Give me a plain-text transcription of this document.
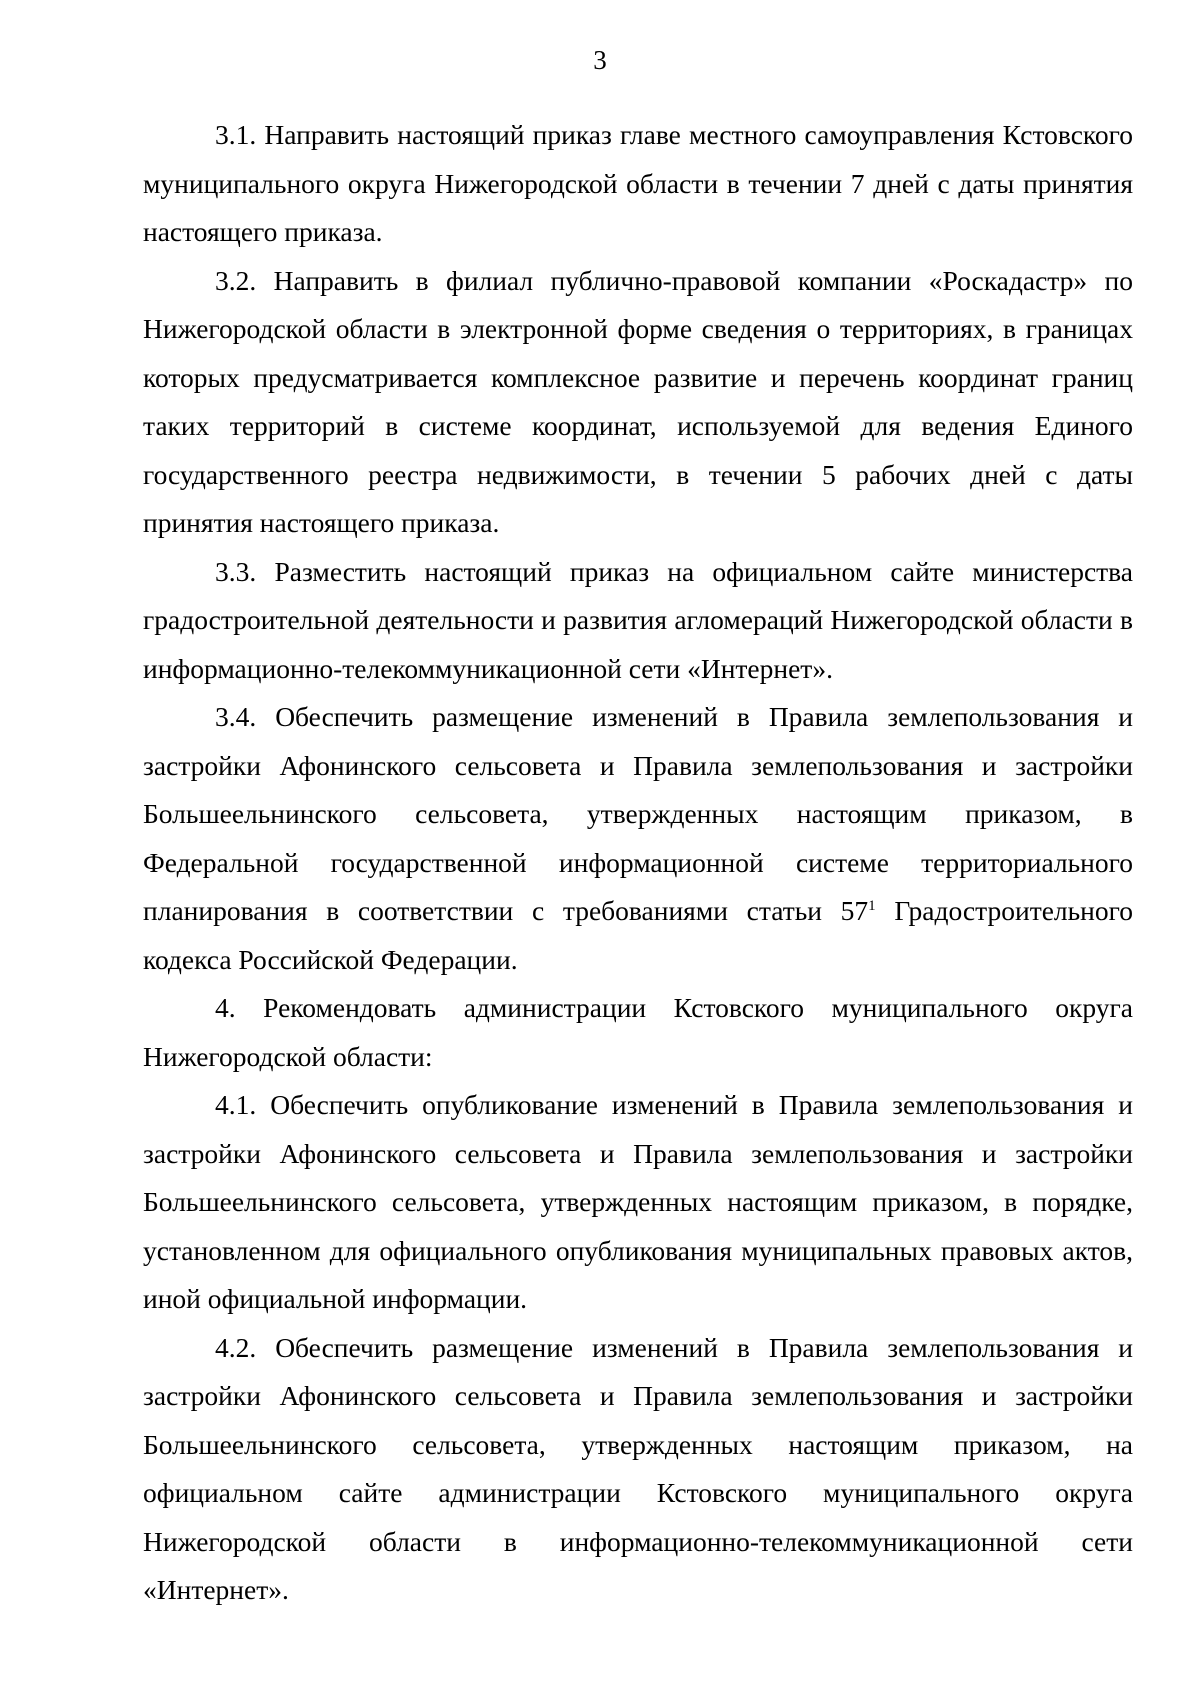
3

3.1. Направить настоящий приказ главе местного самоуправления Кстовского муниципального округа Нижегородской области в течении 7 дней с даты принятия настоящего приказа.

3.2. Направить в филиал публично-правовой компании «Роскадастр» по Нижегородской области в электронной форме сведения о территориях, в границах которых предусматривается комплексное развитие и перечень координат границ таких территорий в системе координат, используемой для ведения Единого государственного реестра недвижимости, в течении 5 рабочих дней с даты принятия настоящего приказа.

3.3. Разместить настоящий приказ на официальном сайте министерства градостроительной деятельности и развития агломераций Нижегородской области в информационно-телекоммуникационной сети «Интернет».

3.4. Обеспечить размещение изменений в Правила землепользования и застройки Афонинского сельсовета и Правила землепользования и застройки Большеельнинского сельсовета, утвержденных настоящим приказом, в Федеральной государственной информационной системе территориального планирования в соответствии с требованиями статьи $57^1$ Градостроительного кодекса Российской Федерации.

4. Рекомендовать администрации Кстовского муниципального округа Нижегородской области:

4.1. Обеспечить опубликование изменений в Правила землепользования и застройки Афонинского сельсовета и Правила землепользования и застройки Большеельнинского сельсовета, утвержденных настоящим приказом, в порядке, установленном для официального опубликования муниципальных правовых актов, иной официальной информации.

4.2. Обеспечить размещение изменений в Правила землепользования и застройки Афонинского сельсовета и Правила землепользования и застройки Большеельнинского сельсовета, утвержденных настоящим приказом, на официальном сайте администрации Кстовского муниципального округа Нижегородской области в информационно-телекоммуникационной сети «Интернет».
